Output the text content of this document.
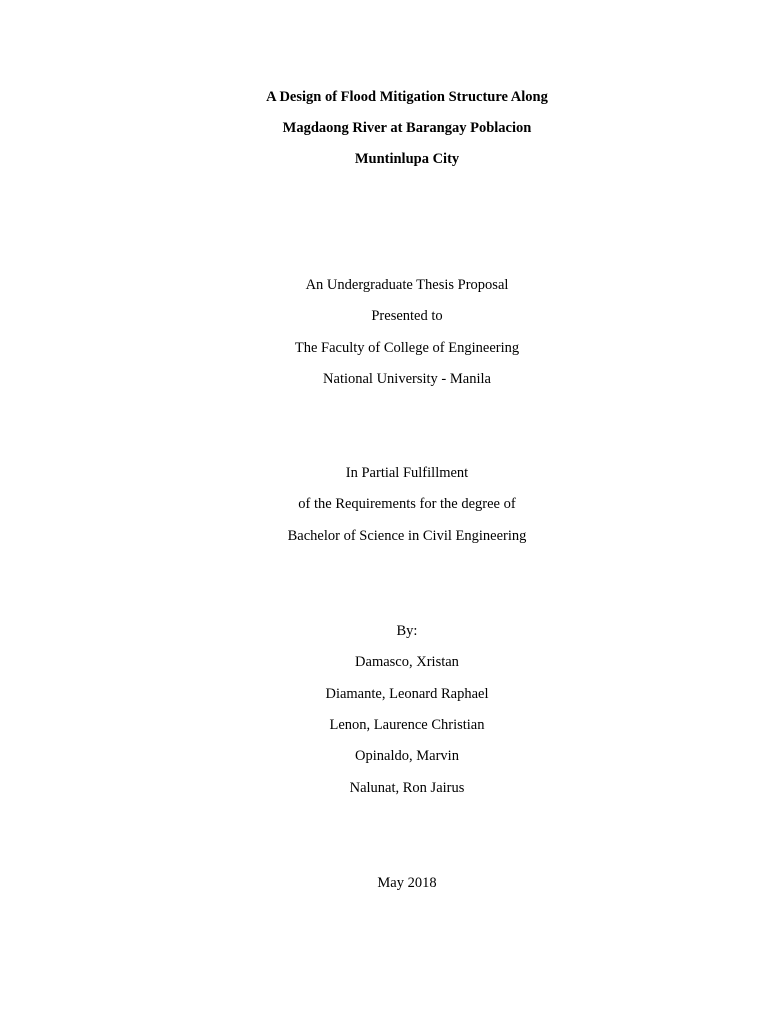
A Design of Flood Mitigation Structure Along
Magdaong River at Barangay Poblacion
Muntinlupa City
An Undergraduate Thesis Proposal
Presented to
The Faculty of College of Engineering
National University - Manila
In Partial Fulfillment
of the Requirements for the degree of
Bachelor of Science in Civil Engineering
By:
Damasco, Xristan
Diamante, Leonard Raphael
Lenon, Laurence Christian
Opinaldo, Marvin
Nalunat, Ron Jairus
May 2018
